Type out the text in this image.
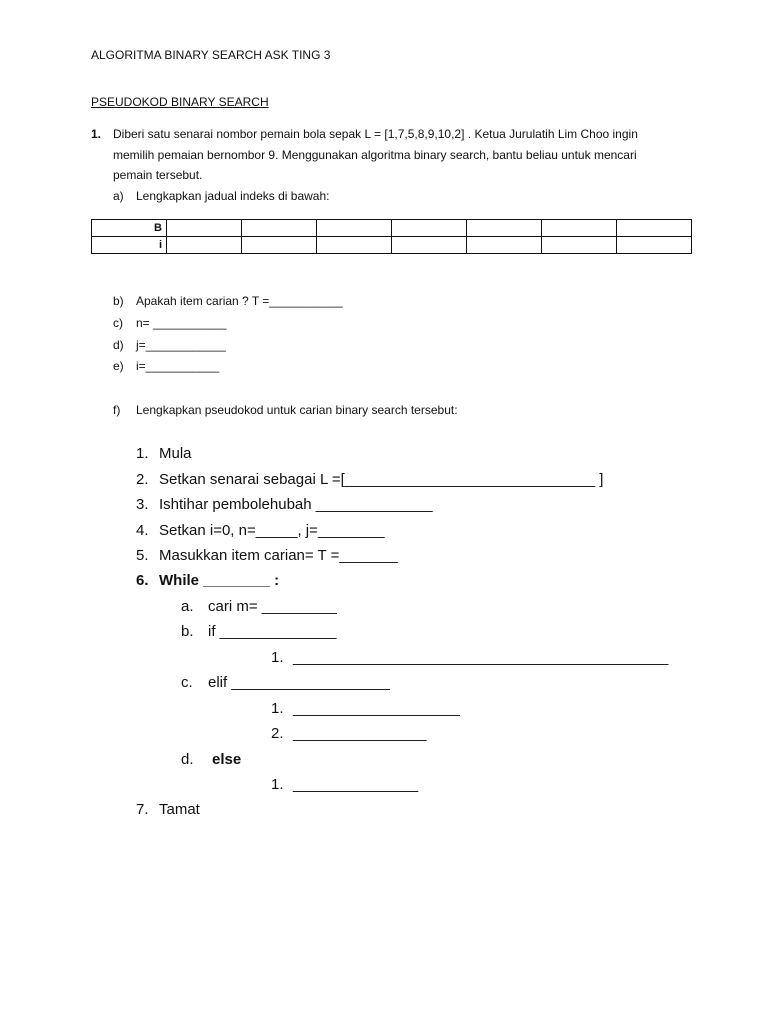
ALGORITMA BINARY SEARCH ASK TING 3
PSEUDOKOD BINARY SEARCH
1. Diberi satu senarai nombor pemain bola sepak L = [1,7,5,8,9,10,2] . Ketua Jurulatih Lim Choo ingin
memilih pemaian bernombor 9. Menggunakan algoritma binary search, bantu beliau untuk mencari
pemain tersebut.
a) Lengkapkan jadual indeks di bawah:
B							
i							
b) Apakah item carian ? T =___________
c) n= ___________
d) j=____________
e) i=___________
f) Lengkapkan pseudokod untuk carian binary search tersebut:
1. Mula
2. Setkan senarai sebagai L =[______________________________ ]
3. Ishtihar pembolehubah ______________
4. Setkan i=0, n=_____, j=________
5. Masukkan item carian= T =_______
6. While ________ :
a. cari m= _________
b. if ______________
1. _____________________________________________
c. elif ___________________
1. ____________________
2. ________________
d. else
1. _______________
7. Tamat
